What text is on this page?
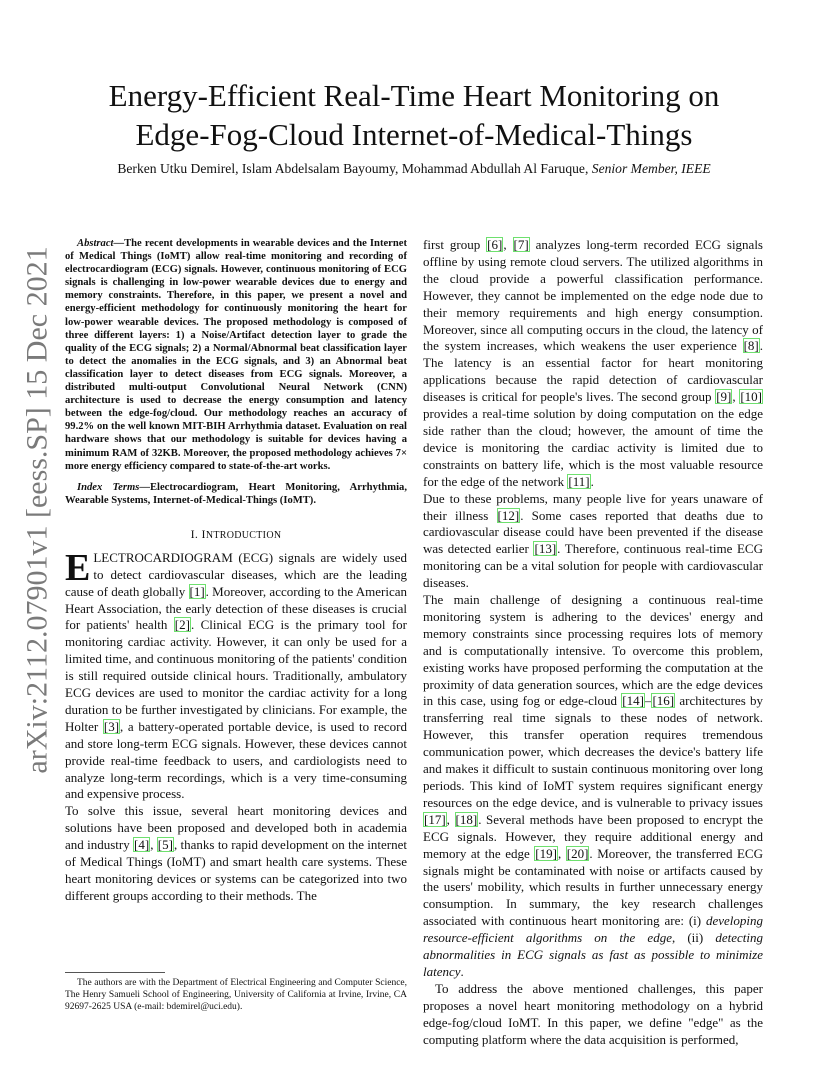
Energy-Efficient Real-Time Heart Monitoring on
Edge-Fog-Cloud Internet-of-Medical-Things
Berken Utku Demirel, Islam Abdelsalam Bayoumy, Mohammad Abdullah Al Faruque, Senior Member, IEEE
arXiv:2112.07901v1 [eess.SP] 15 Dec 2021

Abstract—The recent developments in wearable devices and the Internet of Medical Things (IoMT) allow real-time monitoring and recording of electrocardiogram (ECG) signals. However, continuous monitoring of ECG signals is challenging in low-power wearable devices due to energy and memory constraints. Therefore, in this paper, we present a novel and energy-efficient methodology for continuously monitoring the heart for low-power wearable devices. The proposed methodology is composed of three different layers: 1) a Noise/Artifact detection layer to grade the quality of the ECG signals; 2) a Normal/Abnormal beat classification layer to detect the anomalies in the ECG signals, and 3) an Abnormal beat classification layer to detect diseases from ECG signals. Moreover, a distributed multi-output Convolutional Neural Network (CNN) architecture is used to decrease the energy consumption and latency between the edge-fog/cloud. Our methodology reaches an accuracy of 99.2% on the well known MIT-BIH Arrhythmia dataset. Evaluation on real hardware shows that our methodology is suitable for devices having a minimum RAM of 32KB. Moreover, the proposed methodology achieves 7× more energy efficiency compared to state-of-the-art works.

Index Terms—Electrocardiogram, Heart Monitoring, Arrhythmia, Wearable Systems, Internet-of-Medical-Things (IoMT).

I. INTRODUCTION

ELECTROCARDIOGRAM (ECG) signals are widely used to detect cardiovascular diseases, which are the leading cause of death globally [1]. Moreover, according to the American Heart Association, the early detection of these diseases is crucial for patients' health [2]. Clinical ECG is the primary tool for monitoring cardiac activity. However, it can only be used for a limited time, and continuous monitoring of the patients' condition is still required outside clinical hours. Traditionally, ambulatory ECG devices are used to monitor the cardiac activity for a long duration to be further investigated by clinicians. For example, the Holter [3], a battery-operated portable device, is used to record and store long-term ECG signals. However, these devices cannot provide real-time feedback to users, and cardiologists need to analyze long-term recordings, which is a very time-consuming and expensive process.

To solve this issue, several heart monitoring devices and solutions have been proposed and developed both in academia and industry [4], [5], thanks to rapid development on the internet of Medical Things (IoMT) and smart health care systems. These heart monitoring devices or systems can be categorized into two different groups according to their methods. The

The authors are with the Department of Electrical Engineering and Computer Science, The Henry Samueli School of Engineering, University of California at Irvine, Irvine, CA 92697-2625 USA (e-mail: bdemirel@uci.edu).

first group [6], [7] analyzes long-term recorded ECG signals offline by using remote cloud servers. The utilized algorithms in the cloud provide a powerful classification performance. However, they cannot be implemented on the edge node due to their memory requirements and high energy consumption. Moreover, since all computing occurs in the cloud, the latency of the system increases, which weakens the user experience [8]. The latency is an essential factor for heart monitoring applications because the rapid detection of cardiovascular diseases is critical for people's lives. The second group [9], [10] provides a real-time solution by doing computation on the edge side rather than the cloud; however, the amount of time the device is monitoring the cardiac activity is limited due to constraints on battery life, which is the most valuable resource for the edge of the network [11].

Due to these problems, many people live for years unaware of their illness [12]. Some cases reported that deaths due to cardiovascular disease could have been prevented if the disease was detected earlier [13]. Therefore, continuous real-time ECG monitoring can be a vital solution for people with cardiovascular diseases.

The main challenge of designing a continuous real-time monitoring system is adhering to the devices' energy and memory constraints since processing requires lots of memory and is computationally intensive. To overcome this problem, existing works have proposed performing the computation at the proximity of data generation sources, which are the edge devices in this case, using fog or edge-cloud [14]–[16] architectures by transferring real time signals to these nodes of network. However, this transfer operation requires tremendous communication power, which decreases the device's battery life and makes it difficult to sustain continuous monitoring over long periods. This kind of IoMT system requires significant energy resources on the edge device, and is vulnerable to privacy issues [17], [18]. Several methods have been proposed to encrypt the ECG signals. However, they require additional energy and memory at the edge [19], [20]. Moreover, the transferred ECG signals might be contaminated with noise or artifacts caused by the users' mobility, which results in further unnecessary energy consumption. In summary, the key research challenges associated with continuous heart monitoring are: (i) developing resource-efficient algorithms on the edge, (ii) detecting abnormalities in ECG signals as fast as possible to minimize latency.

To address the above mentioned challenges, this paper proposes a novel heart monitoring methodology on a hybrid edge-fog/cloud IoMT. In this paper, we define "edge" as the computing platform where the data acquisition is performed,
